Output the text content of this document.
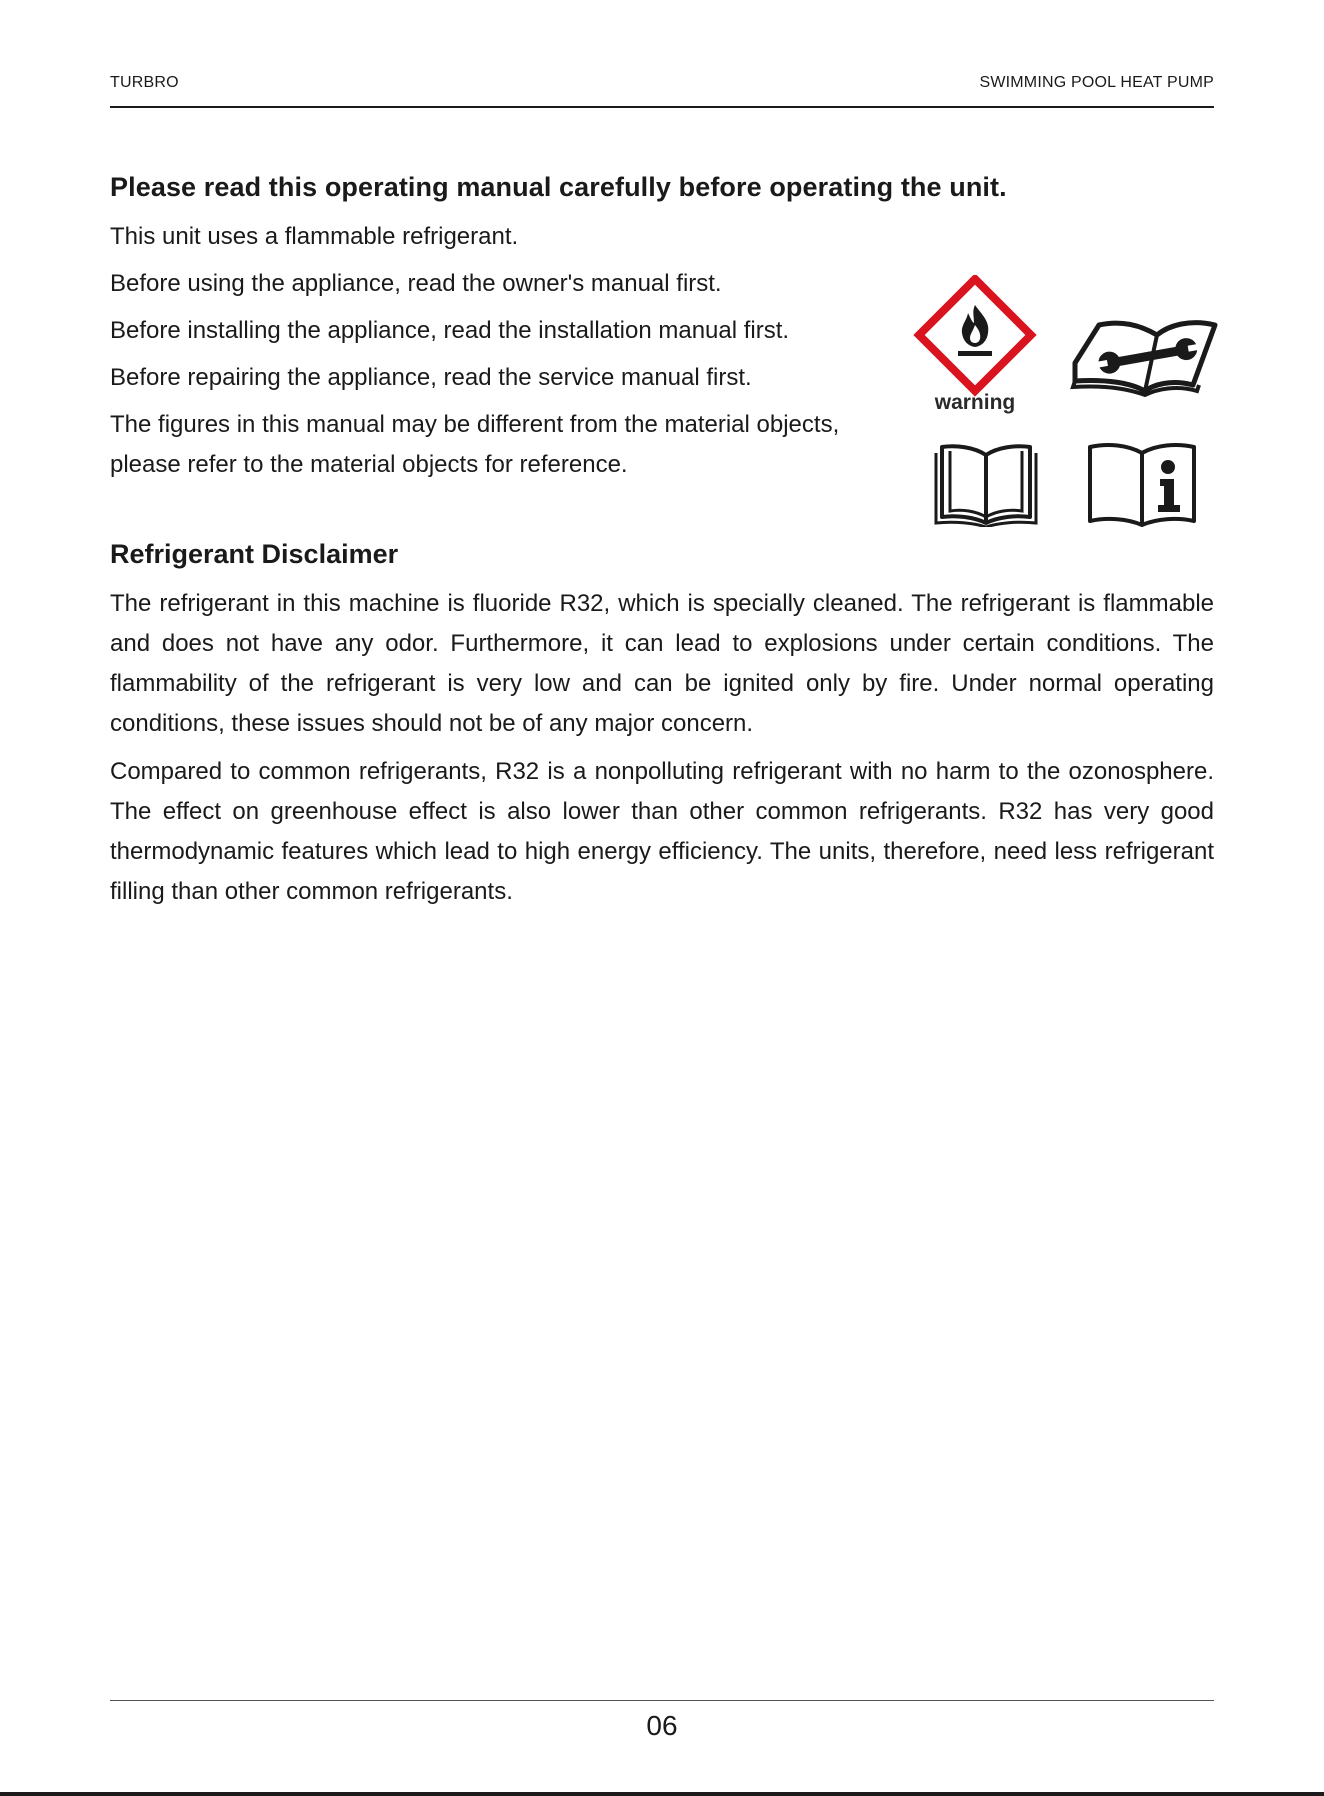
TURBRO	SWIMMING POOL HEAT PUMP
Please read this operating manual carefully before operating the unit.

This unit uses a flammable refrigerant.

Before using the appliance, read the owner's manual first.

Before installing the appliance, read the installation manual first.

Before repairing the appliance, read the service manual first.

The figures in this manual may be different from the material objects, please refer to the material objects for reference.

warning
Refrigerant Disclaimer

The refrigerant in this machine is fluoride R32, which is specially cleaned. The refrigerant is flammable and does not have any odor. Furthermore, it can lead to explosions under certain conditions. The flammability of the refrigerant is very low and can be ignited only by fire. Under normal operating conditions, these issues should not be of any major concern.

Compared to common refrigerants, R32 is a nonpolluting refrigerant with no harm to the ozonosphere. The effect on greenhouse effect is also lower than other common refrigerants. R32 has very good thermodynamic features which lead to high energy efficiency. The units, therefore, need less refrigerant filling than other common refrigerants.

06
